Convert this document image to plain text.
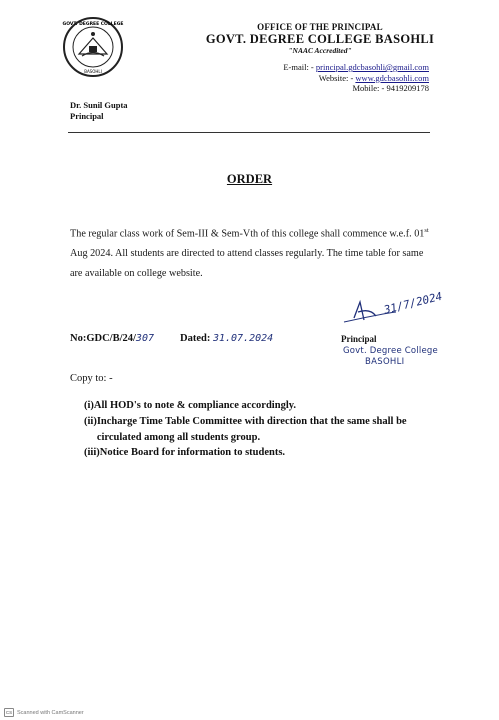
GOVT. DEGREE COLLEGE
BASOHLI
OFFICE OF THE PRINCIPAL
GOVT. DEGREE COLLEGE BASOHLI
"NAAC Accredited"
E-mail: - principal.gdcbasohli@gmail.com
Website: - www.gdcbasohli.com
Mobile: - 9419209178
Dr. Sunil Gupta
Principal
ORDER
The regular class work of Sem-III & Sem-Vth of this college shall commence w.e.f. 01st Aug 2024. All students are directed to attend classes regularly. The time table for same are available on college website.
No:GDC/B/24/307 Dated: 31.07.2024
31/7/2024
Principal
Govt. Degree College
BASOHLI
Copy to: -
(i) All HOD's to note & compliance accordingly.
(ii) Incharge Time Table Committee with direction that the same shall be circulated among all students group.
(iii) Notice Board for information to students.
CS Scanned with CamScanner
